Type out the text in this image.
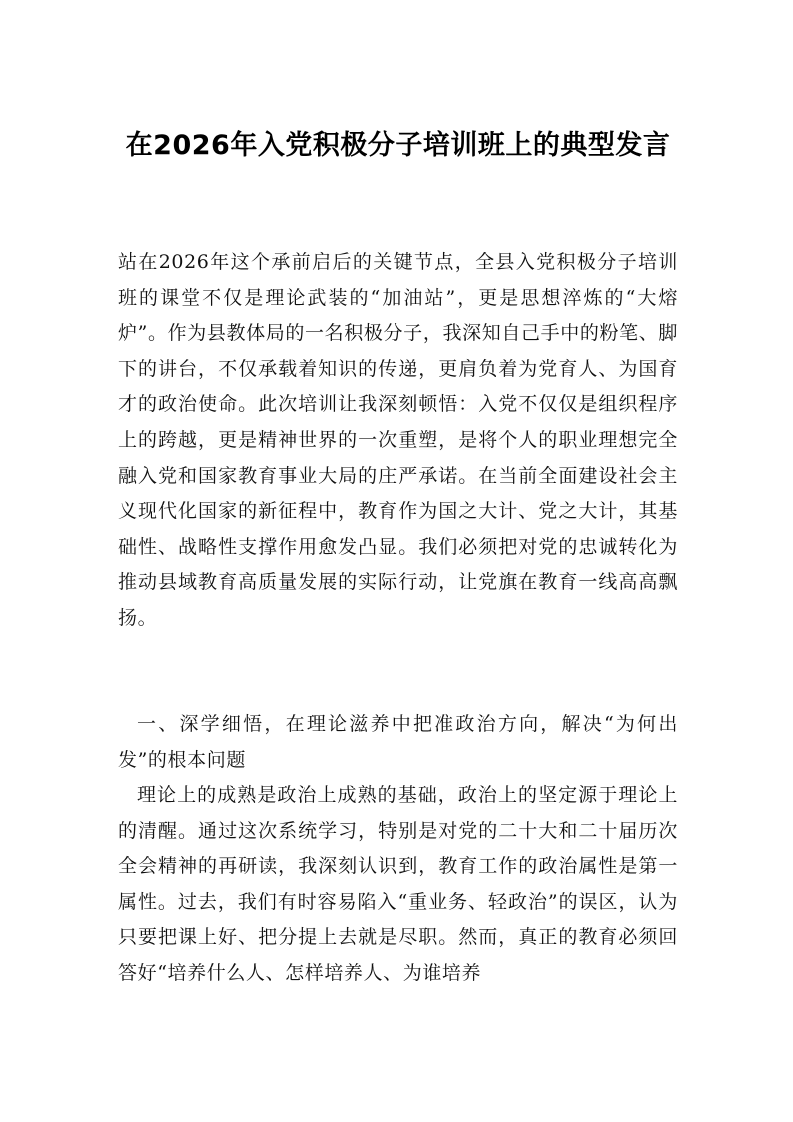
在2026年入党积极分子培训班上的典型发言

站在2026年这个承前启后的关键节点，全县入党积极分子培训班的课堂不仅是理论武装的“加油站”，更是思想淬炼的“大熔炉”。作为县教体局的一名积极分子，我深知自己手中的粉笔、脚下的讲台，不仅承载着知识的传递，更肩负着为党育人、为国育才的政治使命。此次培训让我深刻顿悟：入党不仅仅是组织程序上的跨越，更是精神世界的一次重塑，是将个人的职业理想完全融入党和国家教育事业大局的庄严承诺。在当前全面建设社会主义现代化国家的新征程中，教育作为国之大计、党之大计，其基础性、战略性支撑作用愈发凸显。我们必须把对党的忠诚转化为推动县域教育高质量发展的实际行动，让党旗在教育一线高高飘扬。

一、深学细悟，在理论滋养中把准政治方向，解决“为何出发”的根本问题

理论上的成熟是政治上成熟的基础，政治上的坚定源于理论上的清醒。通过这次系统学习，特别是对党的二十大和二十届历次全会精神的再研读，我深刻认识到，教育工作的政治属性是第一属性。过去，我们有时容易陷入“重业务、轻政治”的误区，认为只要把课上好、把分提上去就是尽职。然而，真正的教育必须回答好“培养什么人、怎样培养人、为谁培养
